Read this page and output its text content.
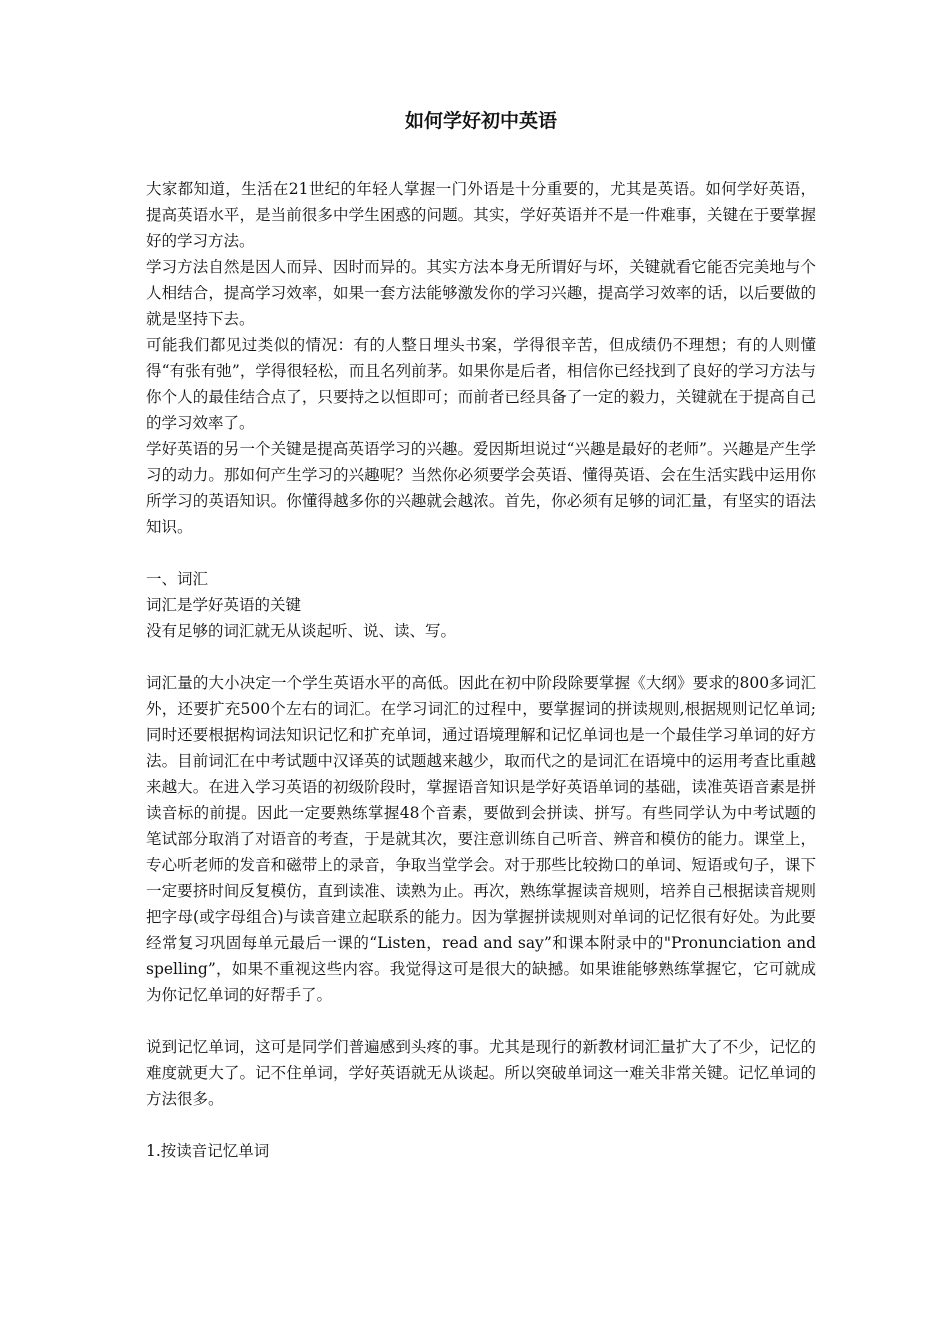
如何学好初中英语

大家都知道，生活在21世纪的年轻人掌握一门外语是十分重要的，尤其是英语。如何学好英语，提高英语水平，是当前很多中学生困惑的问题。其实，学好英语并不是一件难事，关键在于要掌握好的学习方法。

学习方法自然是因人而异、因时而异的。其实方法本身无所谓好与坏，关键就看它能否完美地与个人相结合，提高学习效率，如果一套方法能够激发你的学习兴趣，提高学习效率的话，以后要做的就是坚持下去。

可能我们都见过类似的情况：有的人整日埋头书案，学得很辛苦，但成绩仍不理想；有的人则懂得“有张有弛”，学得很轻松，而且名列前茅。如果你是后者，相信你已经找到了良好的学习方法与你个人的最佳结合点了，只要持之以恒即可；而前者已经具备了一定的毅力，关键就在于提高自己的学习效率了。

学好英语的另一个关键是提高英语学习的兴趣。爱因斯坦说过“兴趣是最好的老师”。兴趣是产生学习的动力。那如何产生学习的兴趣呢？当然你必须要学会英语、懂得英语、会在生活实践中运用你所学习的英语知识。你懂得越多你的兴趣就会越浓。首先，你必须有足够的词汇量，有坚实的语法知识。

一、词汇

词汇是学好英语的关键

没有足够的词汇就无从谈起听、说、读、写。

词汇量的大小决定一个学生英语水平的高低。因此在初中阶段除要掌握《大纲》要求的800多词汇外，还要扩充500个左右的词汇。在学习词汇的过程中，要掌握词的拼读规则,根据规则记忆单词;同时还要根据构词法知识记忆和扩充单词，通过语境理解和记忆单词也是一个最佳学习单词的好方法。目前词汇在中考试题中汉译英的试题越来越少，取而代之的是词汇在语境中的运用考查比重越来越大。在进入学习英语的初级阶段时，掌握语音知识是学好英语单词的基础，读准英语音素是拼读音标的前提。因此一定要熟练掌握48个音素，要做到会拼读、拼写。有些同学认为中考试题的笔试部分取消了对语音的考查，于是就其次，要注意训练自己听音、辨音和模仿的能力。课堂上，专心听老师的发音和磁带上的录音，争取当堂学会。对于那些比较拗口的单词、短语或句子，课下一定要挤时间反复模仿，直到读准、读熟为止。再次，熟练掌握读音规则，培养自己根据读音规则把字母(或字母组合)与读音建立起联系的能力。因为掌握拼读规则对单词的记忆很有好处。为此要经常复习巩固每单元最后一课的“Listen，read and say”和课本附录中的"Pronunciation and spelling”，如果不重视这些内容。我觉得这可是很大的缺撼。如果谁能够熟练掌握它，它可就成为你记忆单词的好帮手了。

说到记忆单词，这可是同学们普遍感到头疼的事。尤其是现行的新教材词汇量扩大了不少，记忆的难度就更大了。记不住单词，学好英语就无从谈起。所以突破单词这一难关非常关键。记忆单词的方法很多。

1.按读音记忆单词
